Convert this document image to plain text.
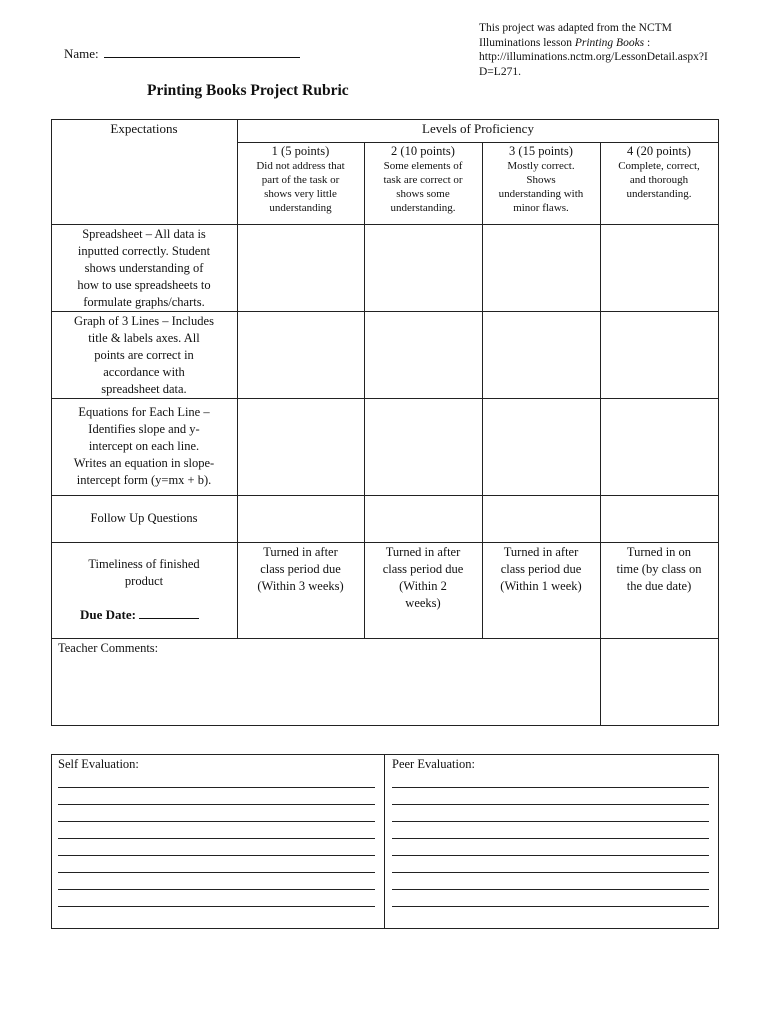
This project was adapted from the NCTM
Illuminations lesson Printing Books :
http://illuminations.nctm.org/LessonDetail.aspx?I
D=L271.
Name:
Printing Books Project Rubric
Expectations	Levels of Proficiency
1 (5 points)
Did not address that
part of the task or
shows very little
understanding
2 (10 points)
Some elements of
task are correct or
shows some
understanding.
3 (15 points)
Mostly correct.
Shows
understanding with
minor flaws.
4 (20 points)
Complete, correct,
and thorough
understanding.
Spreadsheet – All data is
inputted correctly. Student
shows understanding of
how to use spreadsheets to
formulate graphs/charts.
Graph of 3 Lines – Includes
title & labels axes. All
points are correct in
accordance with
spreadsheet data.
Equations for Each Line –
Identifies slope and y-
intercept on each line.
Writes an equation in slope-
intercept form (y=mx + b).
Follow Up Questions
Timeliness of finished
product
Due Date:
Turned in after
class period due
(Within 3 weeks)
Turned in after
class period due
(Within 2
weeks)
Turned in after
class period due
(Within 1 week)
Turned in on
time (by class on
the due date)
Teacher Comments:
Self Evaluation:	Peer Evaluation:
